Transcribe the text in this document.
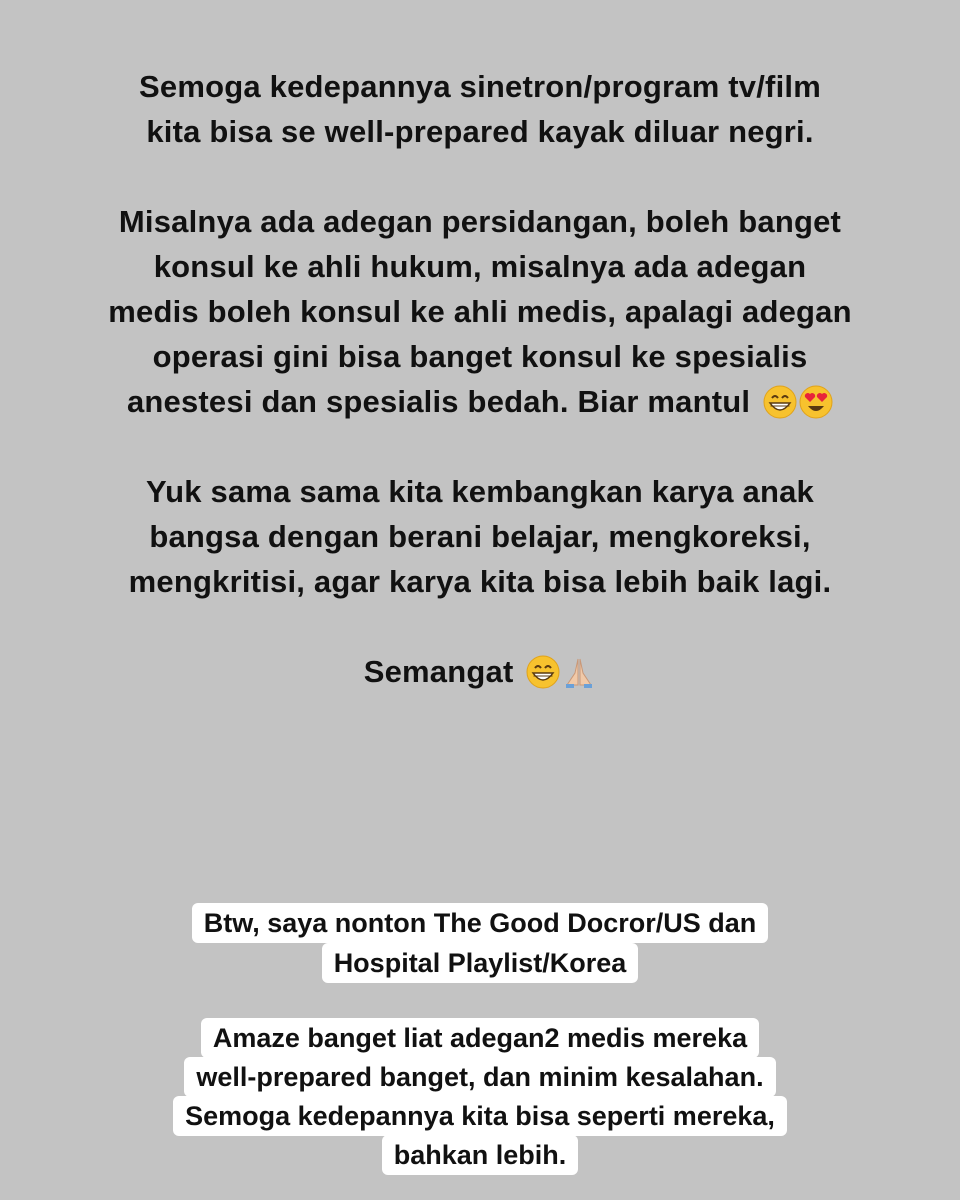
Semoga kedepannya sinetron/program tv/film
kita bisa se well-prepared kayak diluar negri.
Misalnya ada adegan persidangan, boleh banget
konsul ke ahli hukum, misalnya ada adegan
medis boleh konsul ke ahli medis, apalagi adegan
operasi gini bisa banget konsul ke spesialis
anestesi dan spesialis bedah. Biar mantul
Yuk sama sama kita kembangkan karya anak
bangsa dengan berani belajar, mengkoreksi,
mengkritisi, agar karya kita bisa lebih baik lagi.
Semangat
Btw, saya nonton The Good Docror/US dan
Hospital Playlist/Korea
Amaze banget liat adegan2 medis mereka
well-prepared banget, dan minim kesalahan.
Semoga kedepannya kita bisa seperti mereka,
bahkan lebih.
